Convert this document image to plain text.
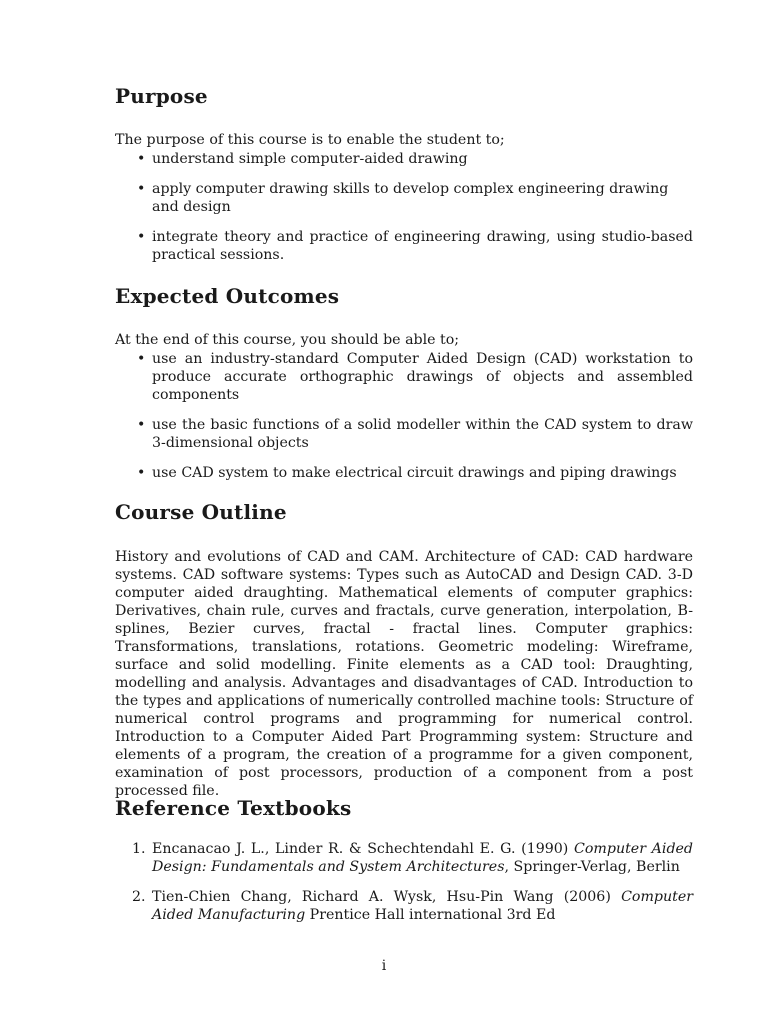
Purpose

The purpose of this course is to enable the student to;

• understand simple computer-aided drawing
• apply computer drawing skills to develop complex engineering drawing and design
• integrate theory and practice of engineering drawing, using studio-based practical sessions.
Expected Outcomes

At the end of this course, you should be able to;

• use an industry-standard Computer Aided Design (CAD) workstation to produce accurate orthographic drawings of objects and assembled components
• use the basic functions of a solid modeller within the CAD system to draw 3-dimensional objects
• use CAD system to make electrical circuit drawings and piping drawings
Course Outline

History and evolutions of CAD and CAM. Architecture of CAD: CAD hardware systems. CAD software systems: Types such as AutoCAD and Design CAD. 3-D computer aided draughting. Mathematical elements of computer graphics: Derivatives, chain rule, curves and fractals, curve generation, interpolation, B-splines, Bezier curves, fractal - fractal lines. Computer graphics: Transformations, translations, rotations. Geometric modeling: Wireframe, surface and solid modelling. Finite elements as a CAD tool: Draughting, modelling and analysis. Advantages and disadvantages of CAD. Introduction to the types and applications of numerically controlled machine tools: Structure of numerical control programs and programming for numerical control. Introduction to a Computer Aided Part Programming system: Structure and elements of a program, the creation of a programme for a given component, examination of post processors, production of a component from a post processed file.

Reference Textbooks
1. Encanacao J. L., Linder R. & Schechtendahl E. G. (1990) Computer Aided Design: Fundamentals and System Architectures, Springer-Verlag, Berlin
2. Tien-Chien Chang, Richard A. Wysk, Hsu-Pin Wang (2006) Computer Aided Manufacturing Prentice Hall international 3rd Ed
i
